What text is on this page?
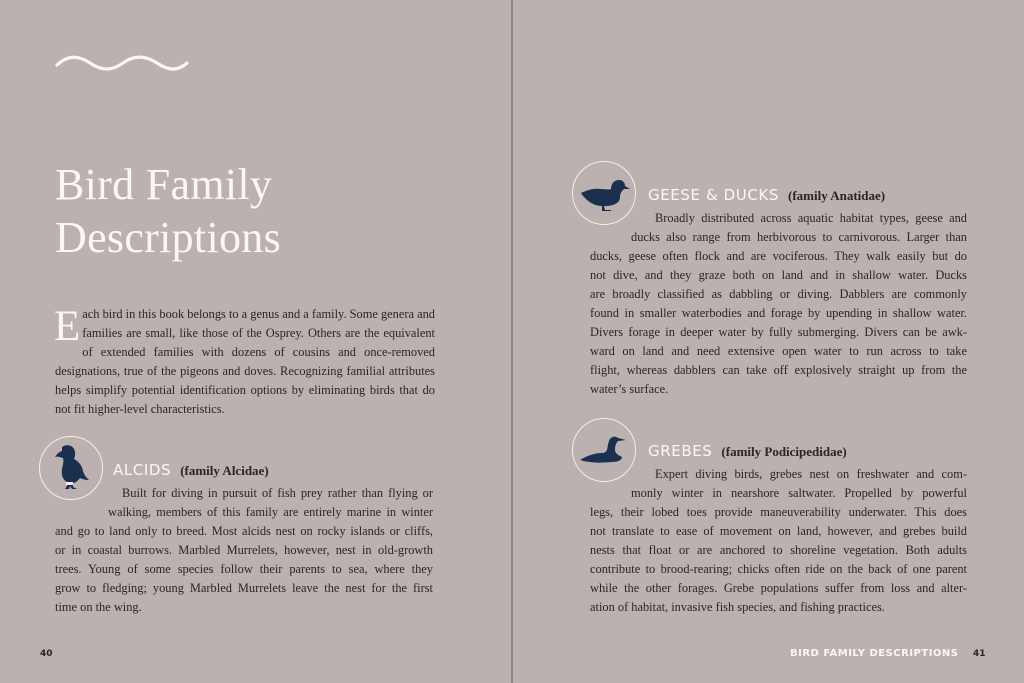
Bird Family
Descriptions

Each bird in this book belongs to a genus and a family. Some genera and families are small, like those of the Osprey. Others are the equivalent of extended families with dozens of cousins and once-removed designations, true of the pigeons and doves. Recognizing familial attributes helps simplify potential identification options by eliminating birds that do not fit higher-level characteristics.

ALCIDS (family Alcidae)
Built for diving in pursuit of fish prey rather than flying or
walking, members of this family are entirely marine in winter
and go to land only to breed. Most alcids nest on rocky islands or cliffs,
or in coastal burrows. Marbled Murrelets, however, nest in old-growth
trees. Young of some species follow their parents to sea, where they
grow to fledging; young Marbled Murrelets leave the nest for the first
time on the wing.
40
GEESE & DUCKS (family Anatidae)
Broadly distributed across aquatic habitat types, geese and
ducks also range from herbivorous to carnivorous. Larger than
ducks, geese often flock and are vociferous. They walk easily but do
not dive, and they graze both on land and in shallow water. Ducks
are broadly classified as dabbling or diving. Dabblers are commonly
found in smaller waterbodies and forage by upending in shallow water.
Divers forage in deeper water by fully submerging. Divers can be awk-
ward on land and need extensive open water to run across to take
flight, whereas dabblers can take off explosively straight up from the
water’s surface.
GREBES (family Podicipedidae)
Expert diving birds, grebes nest on freshwater and com-
monly winter in nearshore saltwater. Propelled by powerful
legs, their lobed toes provide maneuverability underwater. This does
not translate to ease of movement on land, however, and grebes build
nests that float or are anchored to shoreline vegetation. Both adults
contribute to brood-rearing; chicks often ride on the back of one parent
while the other forages. Grebe populations suffer from loss and alter-
ation of habitat, invasive fish species, and fishing practices.
BIRD FAMILY DESCRIPTIONS 41
